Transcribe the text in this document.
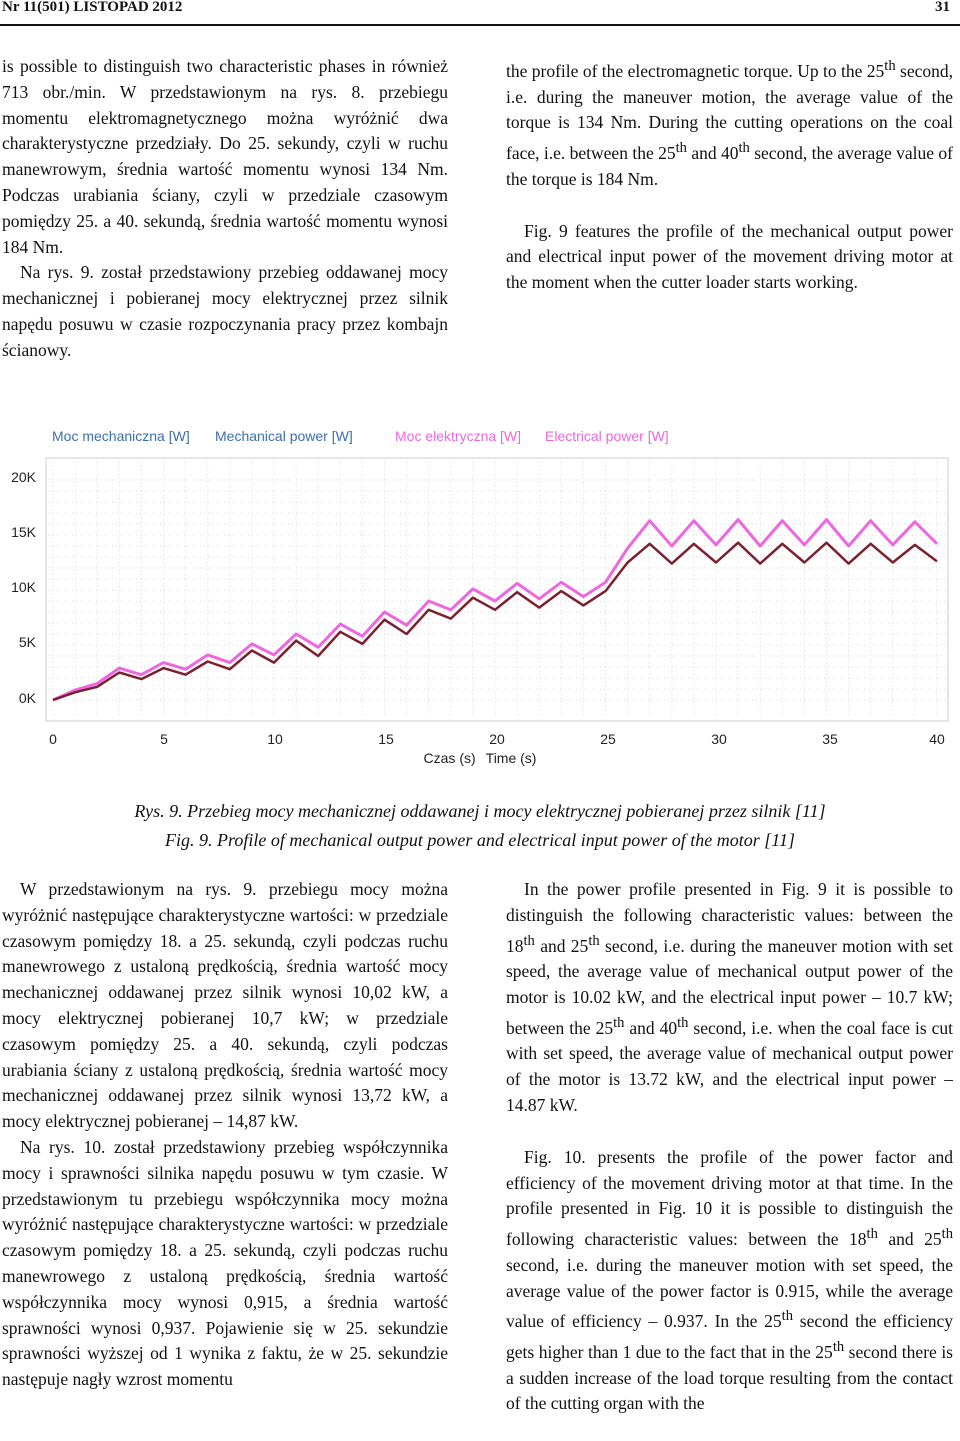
Nr 11(501) LISTOPAD 2012	31

is possible to distinguish two characteristic phases in również 713 obr./min. W przedstawionym na rys. 8. przebiegu momentu elektromagnetycznego można wyróżnić dwa charakterystyczne przedziały. Do 25. sekundy, czyli w ruchu manewrowym, średnia wartość momentu wynosi 134 Nm. Podczas urabiania ściany, czyli w przedziale czasowym pomiędzy 25. a 40. sekundą, średnia wartość momentu wynosi 184 Nm.

Na rys. 9. został przedstawiony przebieg oddawanej mocy mechanicznej i pobieranej mocy elektrycznej przez silnik napędu posuwu w czasie rozpoczynania pracy przez kombajn ścianowy.

the profile of the electromagnetic torque. Up to the 25th second, i.e. during the maneuver motion, the average value of the torque is 134 Nm. During the cutting operations on the coal face, i.e. between the 25th and 40th second, the average value of the torque is 184 Nm.

Fig. 9 features the profile of the mechanical output power and electrical input power of the movement driving motor at the moment when the cutter loader starts working.

Moc mechaniczna [W] Mechanical power [W]	Moc elektryczna [W] Electrical power [W]
20K
15K
10K
5K
0K
0	5	10	15	20	25	30	35	40
Czas (s) Time (s)
Rys. 9. Przebieg mocy mechanicznej oddawanej i mocy elektrycznej pobieranej przez silnik [11]
Fig. 9. Profile of mechanical output power and electrical input power of the motor [11]

W przedstawionym na rys. 9. przebiegu mocy można wyróżnić następujące charakterystyczne wartości: w przedziale czasowym pomiędzy 18. a 25. sekundą, czyli podczas ruchu manewrowego z ustaloną prędkością, średnia wartość mocy mechanicznej oddawanej przez silnik wynosi 10,02 kW, a mocy elektrycznej pobieranej 10,7 kW; w przedziale czasowym pomiędzy 25. a 40. sekundą, czyli podczas urabiania ściany z ustaloną prędkością, średnia wartość mocy mechanicznej oddawanej przez silnik wynosi 13,72 kW, a mocy elektrycznej pobieranej – 14,87 kW.

Na rys. 10. został przedstawiony przebieg współczynnika mocy i sprawności silnika napędu posuwu w tym czasie. W przedstawionym tu przebiegu współczynnika mocy można wyróżnić następujące charakterystyczne wartości: w przedziale czasowym pomiędzy 18. a 25. sekundą, czyli podczas ruchu manewrowego z ustaloną prędkością, średnia wartość współczynnika mocy wynosi 0,915, a średnia wartość sprawności wynosi 0,937. Pojawienie się w 25. sekundzie sprawności wyższej od 1 wynika z faktu, że w 25. sekundzie następuje nagły wzrost momentu

In the power profile presented in Fig. 9 it is possible to distinguish the following characteristic values: between the 18th and 25th second, i.e. during the maneuver motion with set speed, the average value of mechanical output power of the motor is 10.02 kW, and the electrical input power – 10.7 kW; between the 25th and 40th second, i.e. when the coal face is cut with set speed, the average value of mechanical output power of the motor is 13.72 kW, and the electrical input power – 14.87 kW.

Fig. 10. presents the profile of the power factor and efficiency of the movement driving motor at that time. In the profile presented in Fig. 10 it is possible to distinguish the following characteristic values: between the 18th and 25th second, i.e. during the maneuver motion with set speed, the average value of the power factor is 0.915, while the average value of efficiency – 0.937. In the 25th second the efficiency gets higher than 1 due to the fact that in the 25th second there is a sudden increase of the load torque resulting from the contact of the cutting organ with the
